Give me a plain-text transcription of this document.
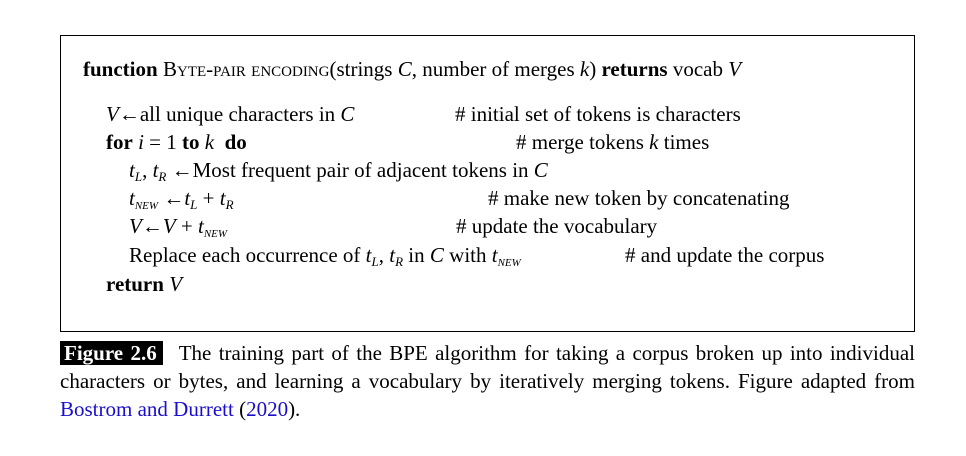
function Byte-pair encoding(strings C, number of merges k) returns vocab V
V←all unique characters in C	# initial set of tokens is characters
for i = 1 to k do	# merge tokens k times
$t_L$, $t_R$ ←Most frequent pair of adjacent tokens in C
$t_{NEW}$ $\leftarrow t_L + t_R$	# make new token by concatenating
V←V + $t_{NEW}$	# update the vocabulary
Replace each occurrence of $t_L$, $t_R$ in C with $t_{NEW}$	# and update the corpus
return V
Figure 2.6 The training part of the BPE algorithm for taking a corpus broken up into individual characters or bytes, and learning a vocabulary by iteratively merging tokens. Figure adapted from Bostrom and Durrett (2020).
